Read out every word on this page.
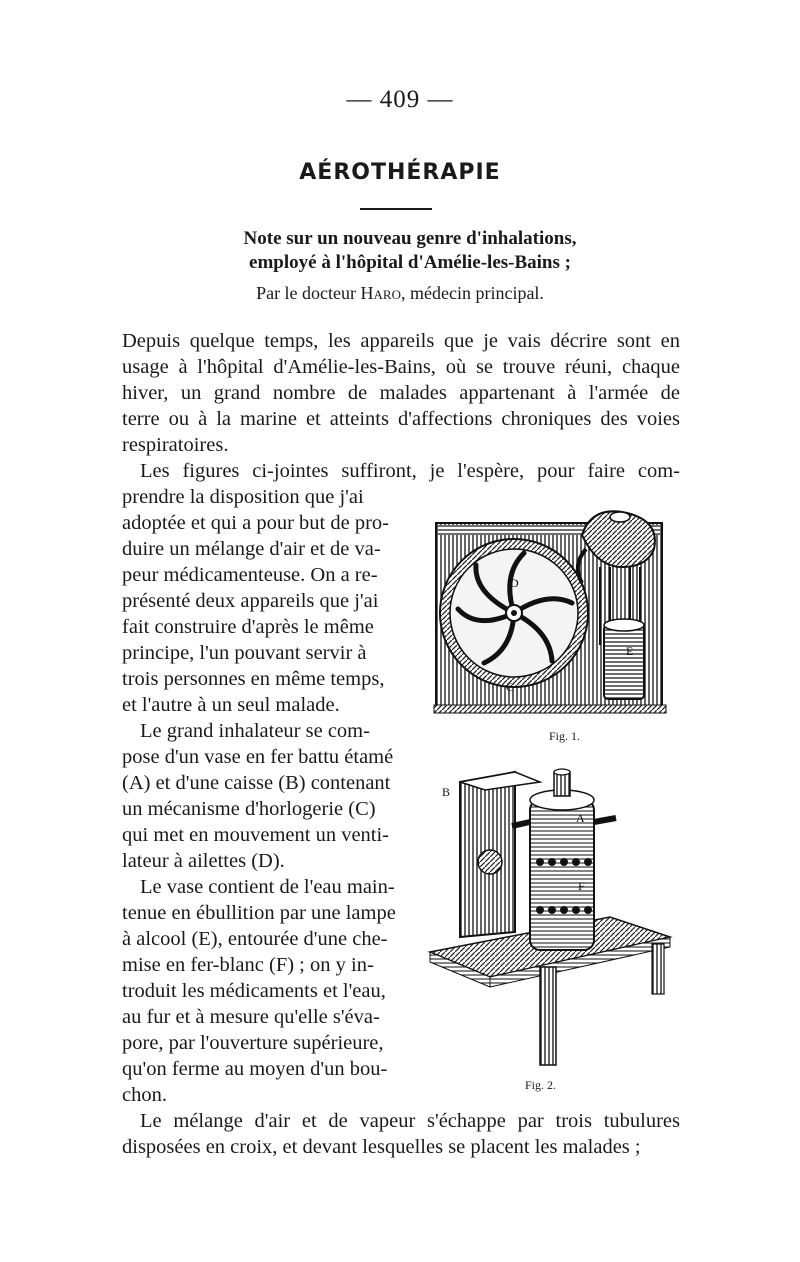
— 409 —
AÉROTHÉRAPIE
Note sur un nouveau genre d'inhalations,
employé à l'hôpital d'Amélie-les-Bains ;
Par le docteur Haro, médecin principal.
Depuis quelque temps, les appareils que je vais décrire sont en
usage à l'hôpital d'Amélie-les-Bains, où se trouve réuni, chaque
hiver, un grand nombre de malades appartenant à l'armée de
terre ou à la marine et atteints d'affections chroniques des voies
respiratoires.
Les figures ci-jointes suffiront, je l'espère, pour faire com-
prendre la disposition que j'ai
adoptée et qui a pour but de pro-
duire un mélange d'air et de va-
peur médicamenteuse. On a re-
présenté deux appareils que j'ai
fait construire d'après le même
principe, l'un pouvant servir à
trois personnes en même temps,
et l'autre à un seul malade.
Le grand inhalateur se com-
pose d'un vase en fer battu étamé
(A) et d'une caisse (B) contenant
un mécanisme d'horlogerie (C)
qui met en mouvement un venti-
lateur à ailettes (D).
Le vase contient de l'eau main-
tenue en ébullition par une lampe
à alcool (E), entourée d'une che-
mise en fer-blanc (F) ; on y in-
troduit les médicaments et l'eau,
au fur et à mesure qu'elle s'éva-
pore, par l'ouverture supérieure,
qu'on ferme au moyen d'un bou-
chon.
Le mélange d'air et de vapeur s'échappe par trois tubulures
disposées en croix, et devant lesquelles se placent les malades ;
D
E
C
Fig. 1.
B
A
F
Fig. 2.
